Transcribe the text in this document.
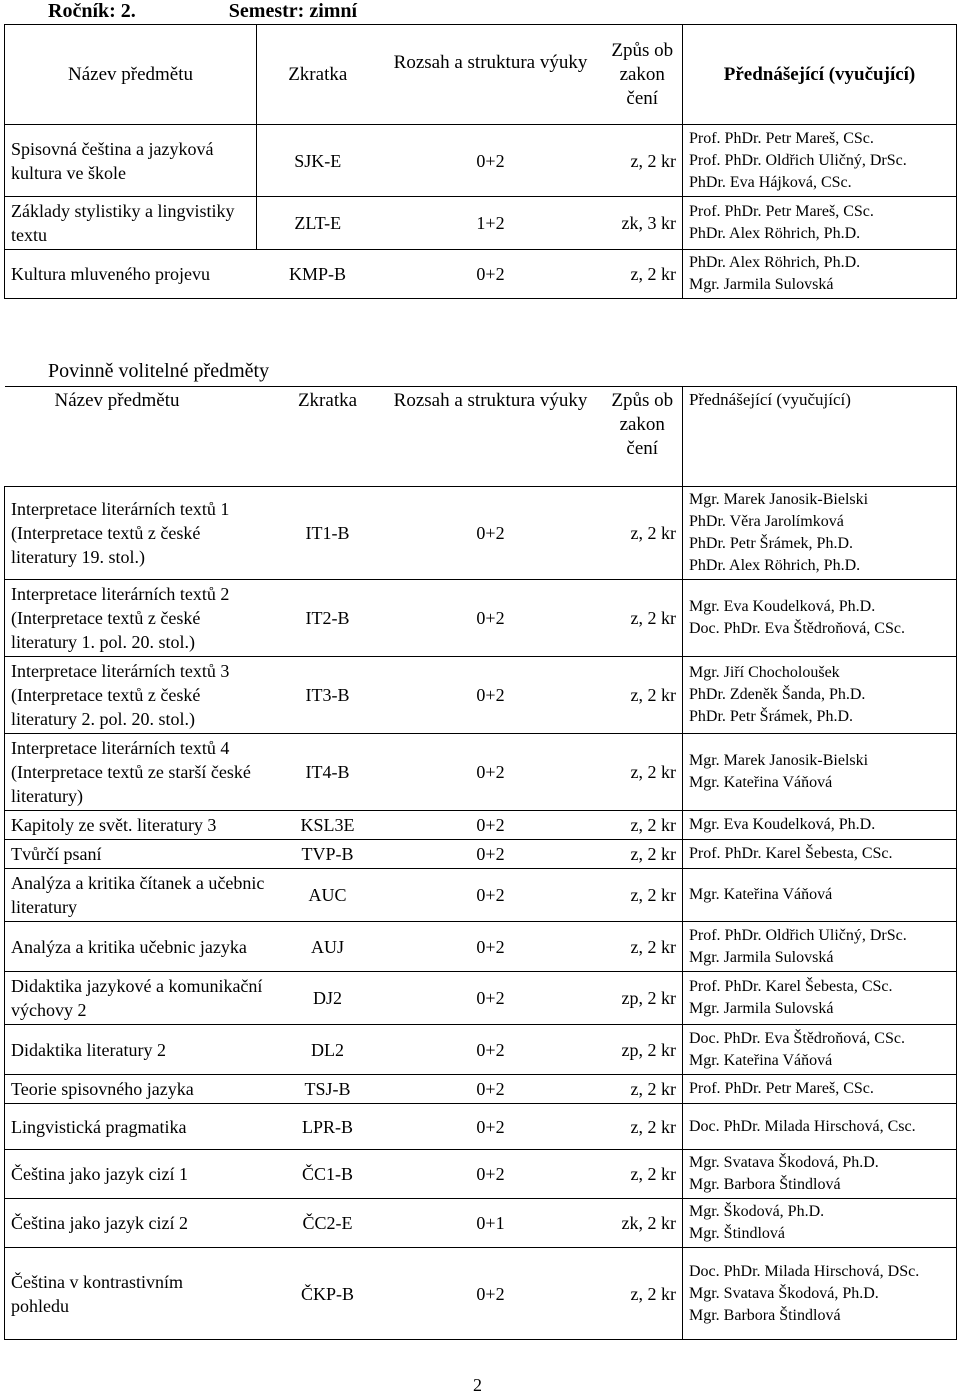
Ročník: 2.	Semestr: zimní
Název předmětu	Zkratka	Rozsah a struktura výuky	Způs ob zakon čení	Přednášející (vyučující)
Spisovná čeština a jazyková kultura ve škole	SJK-E	0+2	z, 2 kr	Prof. PhDr. Petr Mareš, CSc.
Prof. PhDr. Oldřich Uličný, DrSc.
PhDr. Eva Hájková, CSc.

Základy stylistiky a lingvistiky textu	ZLT-E	1+2	zk, 3 kr	Prof. PhDr. Petr Mareš, CSc.
PhDr. Alex Röhrich, Ph.D.

Kultura mluveného projevu	KMP-B	0+2	z, 2 kr	PhDr. Alex Röhrich, Ph.D.
Mgr. Jarmila Sulovská
Povinně volitelné předměty
Název předmětu	Zkratka	Rozsah a struktura výuky	Způs ob zakon čení	Přednášející (vyučující)
Interpretace literárních textů 1 (Interpretace textů z české literatury 19. stol.)	IT1-B	0+2	z, 2 kr	Mgr. Marek Janosik-Bielski
PhDr. Věra Jarolímková
PhDr. Petr Šrámek, Ph.D.
PhDr. Alex Röhrich, Ph.D.

Interpretace literárních textů 2 (Interpretace textů z české literatury 1. pol. 20. stol.)	IT2-B	0+2	z, 2 kr	Mgr. Eva Koudelková, Ph.D.
Doc. PhDr. Eva Štědroňová, CSc.

Interpretace literárních textů 3 (Interpretace textů z české literatury 2. pol. 20. stol.)	IT3-B	0+2	z, 2 kr	Mgr. Jiří Chocholoušek
PhDr. Zdeněk Šanda, Ph.D.
PhDr. Petr Šrámek, Ph.D.

Interpretace literárních textů 4 (Interpretace textů ze starší české literatury)	IT4-B	0+2	z, 2 kr	Mgr. Marek Janosik-Bielski
Mgr. Kateřina Váňová

Kapitoly ze svět. literatury 3	KSL3E	0+2	z, 2 kr	Mgr. Eva Koudelková, Ph.D.

Tvůrčí psaní	TVP-B	0+2	z, 2 kr	Prof. PhDr. Karel Šebesta, CSc.

Analýza a kritika čítanek a učebnic literatury	AUC	0+2	z, 2 kr	Mgr. Kateřina Váňová

Analýza a kritika učebnic jazyka	AUJ	0+2	z, 2 kr	Prof. PhDr. Oldřich Uličný, DrSc.
Mgr. Jarmila Sulovská

Didaktika jazykové a komunikační výchovy 2	DJ2	0+2	zp, 2 kr	Prof. PhDr. Karel Šebesta, CSc.
Mgr. Jarmila Sulovská

Didaktika literatury 2	DL2	0+2	zp, 2 kr	Doc. PhDr. Eva Štědroňová, CSc.
Mgr. Kateřina Váňová

Teorie spisovného jazyka	TSJ-B	0+2	z, 2 kr	Prof. PhDr. Petr Mareš, CSc.

Lingvistická pragmatika	LPR-B	0+2	z, 2 kr	Doc. PhDr. Milada Hirschová, Csc.

Čeština jako jazyk cizí 1	ČC1-B	0+2	z, 2 kr	Mgr. Svatava Škodová, Ph.D.
Mgr. Barbora Štindlová

Čeština jako jazyk cizí 2	ČC2-E	0+1	zk, 2 kr	Mgr. Škodová, Ph.D.
Mgr. Štindlová

Čeština v kontrastivním pohledu	ČKP-B	0+2	z, 2 kr	Doc. PhDr. Milada Hirschová, DSc.
Mgr. Svatava Škodová, Ph.D.
Mgr. Barbora Štindlová
2
